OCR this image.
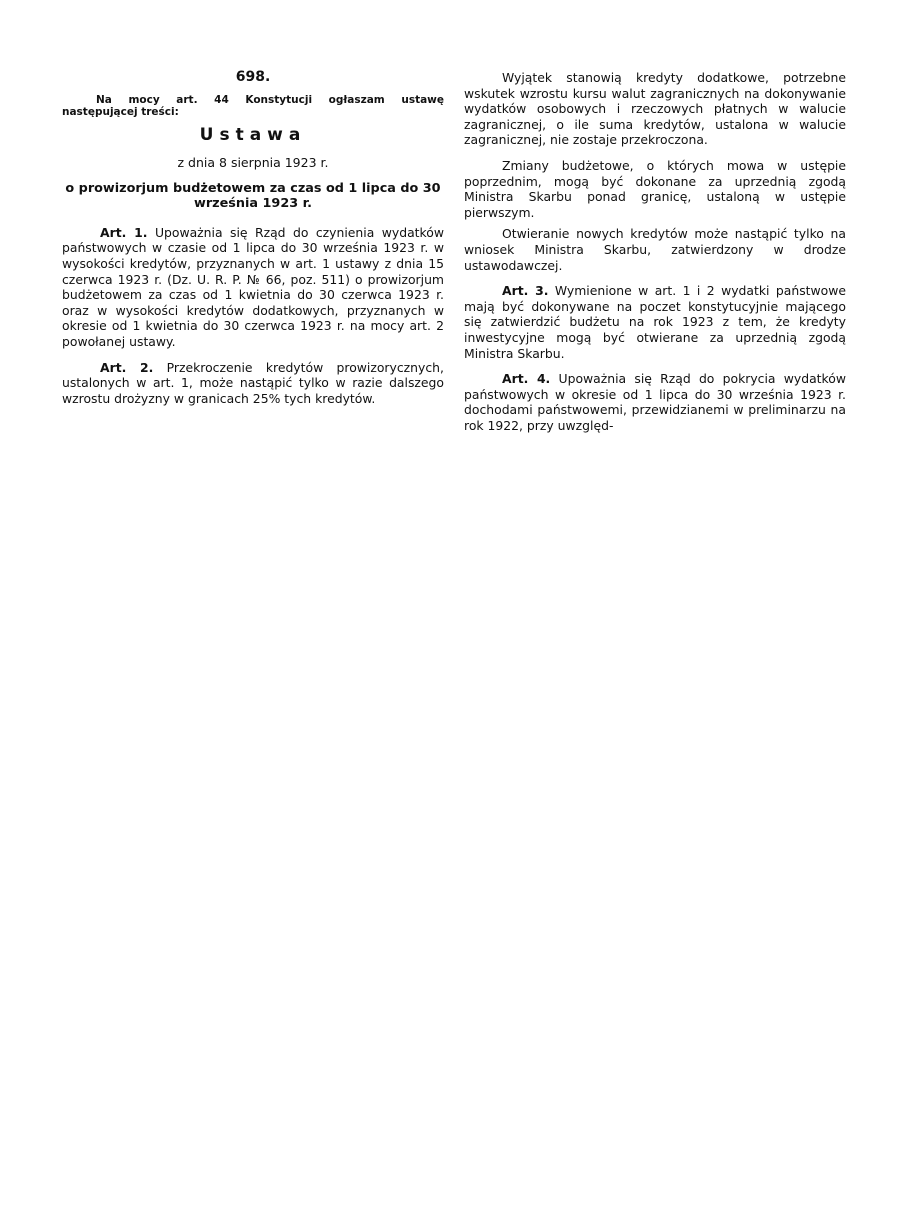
698.
Na mocy art. 44 Konstytucji ogłaszam ustawę następującej treści:
Ustawa
z dnia 8 sierpnia 1923 r.
o prowizorjum budżetowem za czas od 1 lipca do 30 września 1923 r.

Art. 1. Upoważnia się Rząd do czynienia wydatków państwowych w czasie od 1 lipca do 30 września 1923 r. w wysokości kredytów, przyznanych w art. 1 ustawy z dnia 15 czerwca 1923 r. (Dz. U. R. P. № 66, poz. 511) o prowizorjum budżetowem za czas od 1 kwietnia do 30 czerwca 1923 r. oraz w wysokości kredytów dodatkowych, przyznanych w okresie od 1 kwietnia do 30 czerwca 1923 r. na mocy art. 2 powołanej ustawy.

Art. 2. Przekroczenie kredytów prowizorycznych, ustalonych w art. 1, może nastąpić tylko w razie dalszego wzrostu drożyzny w granicach 25% tych kredytów.

Wyjątek stanowią kredyty dodatkowe, potrzebne wskutek wzrostu kursu walut zagranicznych na dokonywanie wydatków osobowych i rzeczowych płatnych w walucie zagranicznej, o ile suma kredytów, ustalona w walucie zagranicznej, nie zostaje przekroczona.

Zmiany budżetowe, o których mowa w ustępie poprzednim, mogą być dokonane za uprzednią zgodą Ministra Skarbu ponad granicę, ustaloną w ustępie pierwszym.

Otwieranie nowych kredytów może nastąpić tylko na wniosek Ministra Skarbu, zatwierdzony w drodze ustawodawczej.

Art. 3. Wymienione w art. 1 i 2 wydatki państwowe mają być dokonywane na poczet konstytucyjnie mającego się zatwierdzić budżetu na rok 1923 z tem, że kredyty inwestycyjne mogą być otwierane za uprzednią zgodą Ministra Skarbu.

Art. 4. Upoważnia się Rząd do pokrycia wydatków państwowych w okresie od 1 lipca do 30 września 1923 r. dochodami państwowemi, przewidzianemi w preliminarzu na rok 1922, przy uwzględ-
